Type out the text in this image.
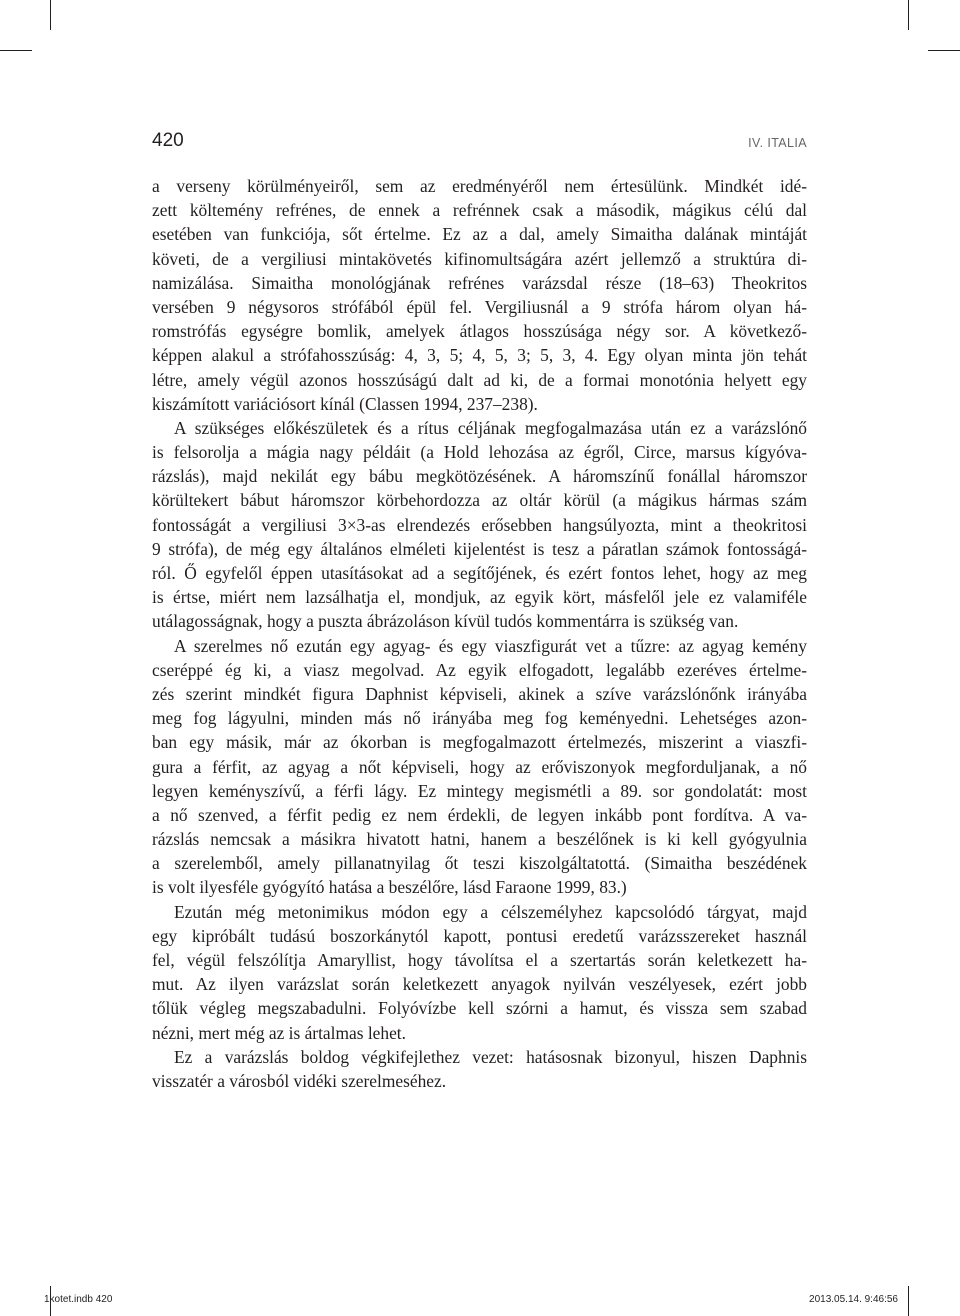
420	IV. ITALIA
a verseny körülményeiről, sem az eredményéről nem értesülünk. Mindkét idé-
zett költemény refrénes, de ennek a refrénnek csak a második, mágikus célú dal
esetében van funkciója, sőt értelme. Ez az a dal, amely Simaitha dalának mintáját
követi, de a vergiliusi mintakövetés kifinomultságára azért jellemző a struktúra di-
namizálása. Simaitha monológjának refrénes varázsdal része (18–63) Theokritos
versében 9 négysoros strófából épül fel. Vergiliusnál a 9 strófa három olyan há-
romstrófás egységre bomlik, amelyek átlagos hosszúsága négy sor. A következő-
képpen alakul a strófahosszúság: 4, 3, 5; 4, 5, 3; 5, 3, 4. Egy olyan minta jön tehát
létre, amely végül azonos hosszúságú dalt ad ki, de a formai monotónia helyett egy
kiszámított variációsort kínál (Classen 1994, 237–238).
A szükséges előkészületek és a rítus céljának megfogalmazása után ez a varázslónő
is felsorolja a mágia nagy példáit (a Hold lehozása az égről, Circe, marsus kígyóva-
rázslás), majd nekilát egy bábu megkötözésének. A háromszínű fonállal háromszor
körültekert bábut háromszor körbehordozza az oltár körül (a mágikus hármas szám
fontosságát a vergiliusi 3×3-as elrendezés erősebben hangsúlyozta, mint a theokritosi
9 strófa), de még egy általános elméleti kijelentést is tesz a páratlan számok fontosságá-
ról. Ő egyfelől éppen utasításokat ad a segítőjének, és ezért fontos lehet, hogy az meg
is értse, miért nem lazsálhatja el, mondjuk, az egyik kört, másfelől jele ez valamiféle
utálagosságnak, hogy a puszta ábrázoláson kívül tudós kommentárra is szükség van.
A szerelmes nő ezután egy agyag- és egy viaszfigurát vet a tűzre: az agyag kemény
cseréppé ég ki, a viasz megolvad. Az egyik elfogadott, legalább ezeréves értelme-
zés szerint mindkét figura Daphnist képviseli, akinek a szíve varázslónőnk irányába
meg fog lágyulni, minden más nő irányába meg fog keményedni. Lehetséges azon-
ban egy másik, már az ókorban is megfogalmazott értelmezés, miszerint a viaszfi-
gura a férfit, az agyag a nőt képviseli, hogy az erőviszonyok megforduljanak, a nő
legyen keményszívű, a férfi lágy. Ez mintegy megismétli a 89. sor gondolatát: most
a nő szenved, a férfit pedig ez nem érdekli, de legyen inkább pont fordítva. A va-
rázslás nemcsak a másikra hivatott hatni, hanem a beszélőnek is ki kell gyógyulnia
a szerelemből, amely pillanatnyilag őt teszi kiszolgáltatottá. (Simaitha beszédének
is volt ilyesféle gyógyító hatása a beszélőre, lásd Faraone 1999, 83.)
Ezután még metonimikus módon egy a célszemélyhez kapcsolódó tárgyat, majd
egy kipróbált tudású boszorkánytól kapott, pontusi eredetű varázsszereket használ
fel, végül felszólítja Amaryllist, hogy távolítsa el a szertartás során keletkezett ha-
mut. Az ilyen varázslat során keletkezett anyagok nyilván veszélyesek, ezért jobb
tőlük végleg megszabadulni. Folyóvízbe kell szórni a hamut, és vissza sem szabad
nézni, mert még az is ártalmas lehet.
Ez a varázslás boldog végkifejlethez vezet: hatásosnak bizonyul, hiszen Daphnis
visszatér a városból vidéki szerelmeséhez.
1kotet.indb 420	2013.05.14. 9:46:56
